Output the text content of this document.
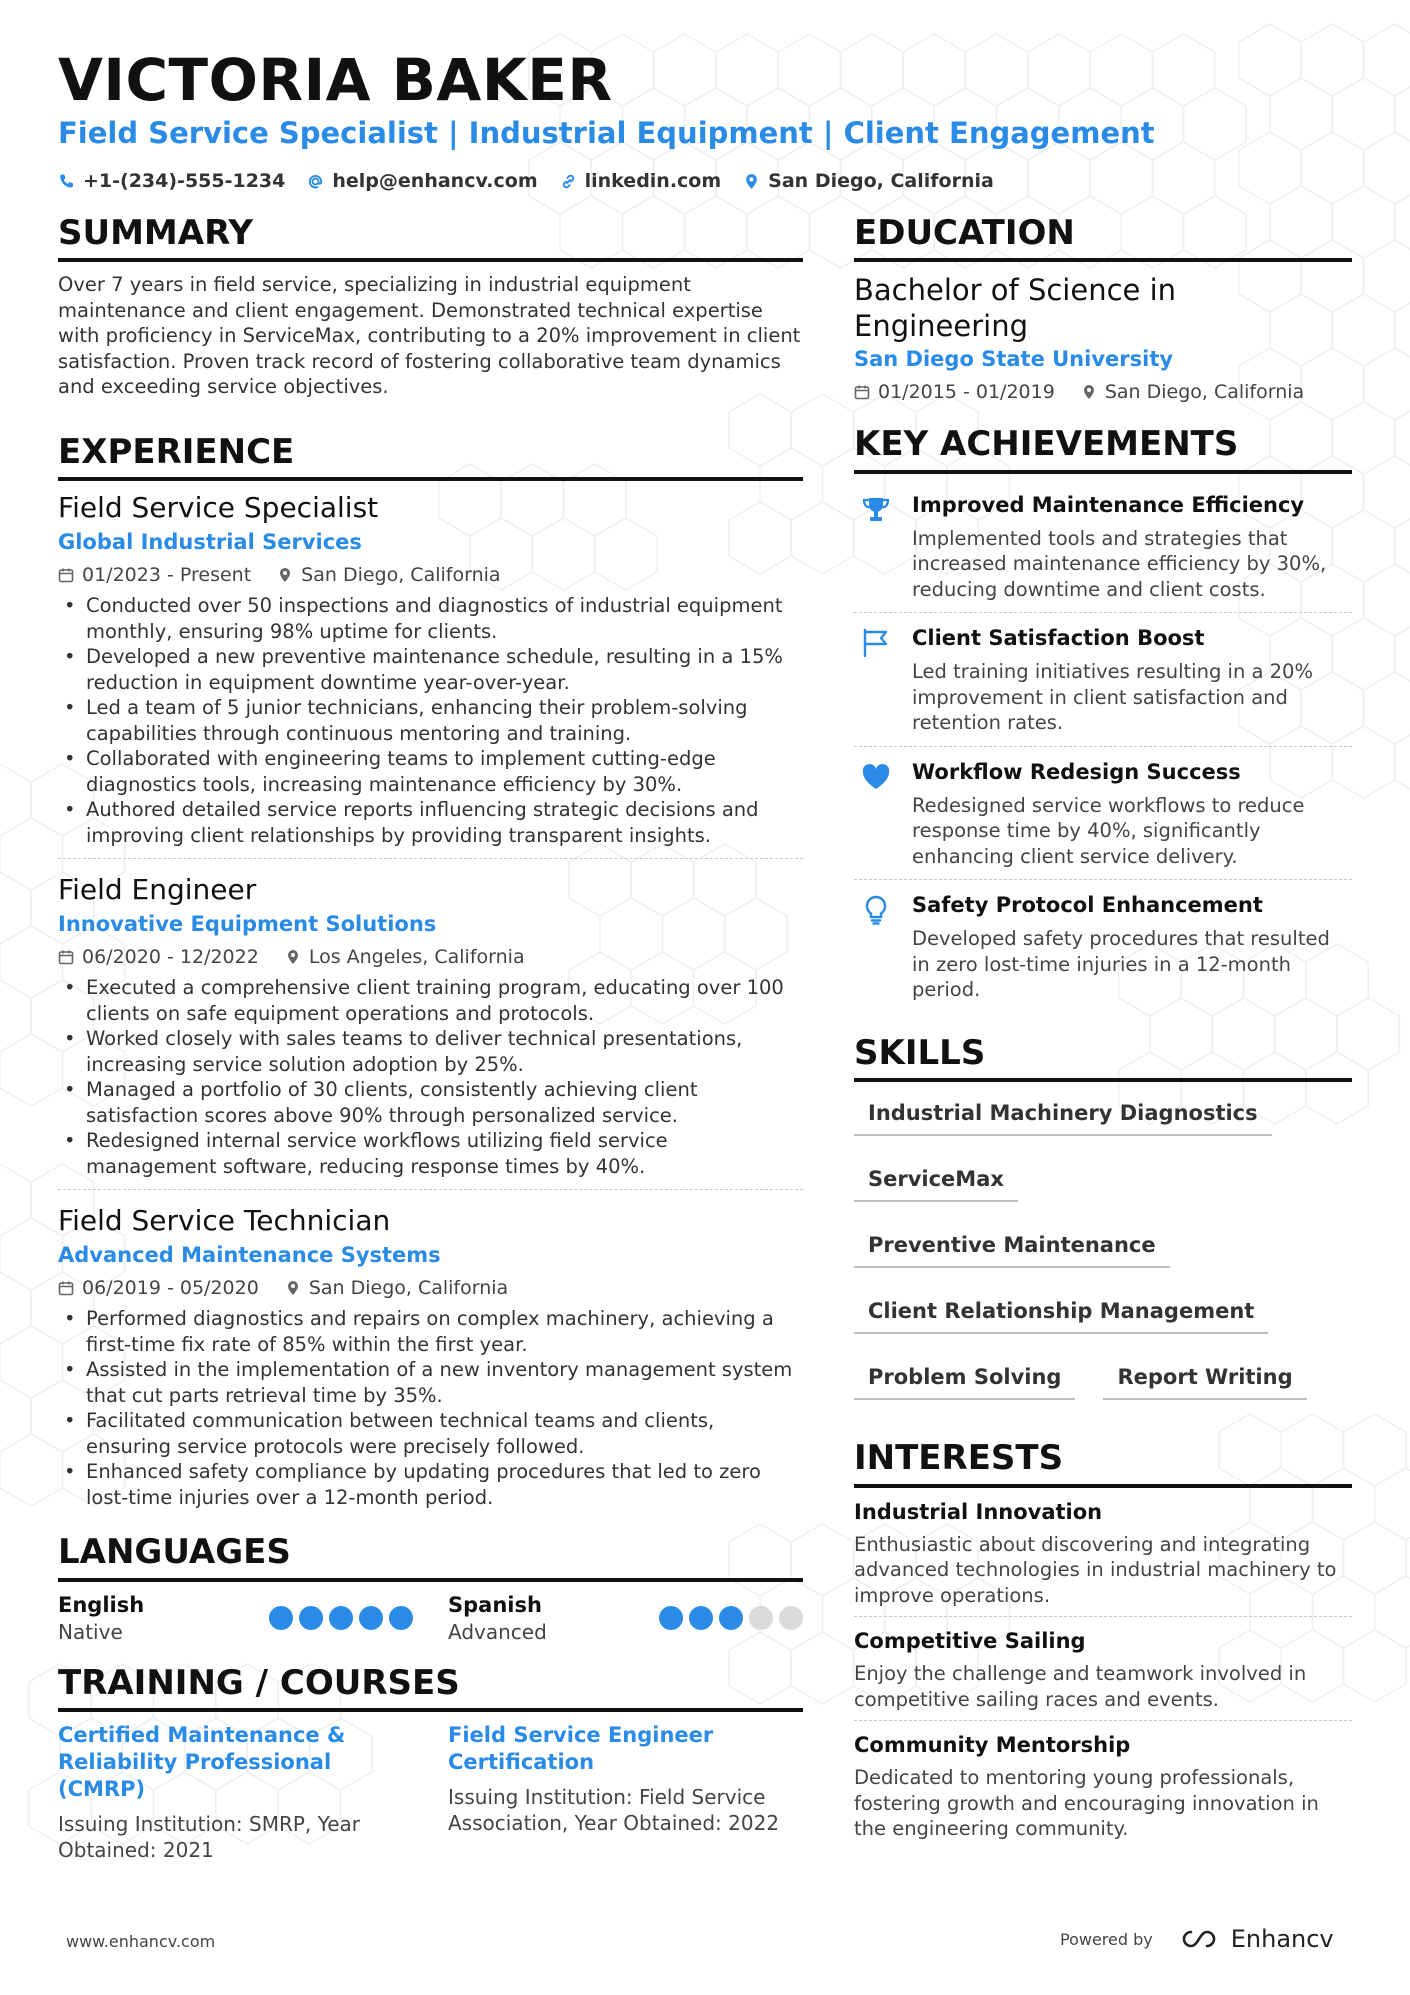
VICTORIA BAKER
Field Service Specialist | Industrial Equipment | Client Engagement
+1-(234)-555-1234 help@enhancv.com linkedin.com San Diego, California
SUMMARY

Over 7 years in field service, specializing in industrial equipment maintenance and client engagement. Demonstrated technical expertise with proficiency in ServiceMax, contributing to a 20% improvement in client satisfaction. Proven track record of fostering collaborative team dynamics and exceeding service objectives.

EXPERIENCE
Field Service Specialist
Global Industrial Services
01/2023 - Present	San Diego, California
• Conducted over 50 inspections and diagnostics of industrial equipment monthly, ensuring 98% uptime for clients.
• Developed a new preventive maintenance schedule, resulting in a 15% reduction in equipment downtime year-over-year.
• Led a team of 5 junior technicians, enhancing their problem-solving capabilities through continuous mentoring and training.
• Collaborated with engineering teams to implement cutting-edge diagnostics tools, increasing maintenance efficiency by 30%.
• Authored detailed service reports influencing strategic decisions and improving client relationships by providing transparent insights.
Field Engineer
Innovative Equipment Solutions
06/2020 - 12/2022	Los Angeles, California
• Executed a comprehensive client training program, educating over 100 clients on safe equipment operations and protocols.
• Worked closely with sales teams to deliver technical presentations, increasing service solution adoption by 25%.
• Managed a portfolio of 30 clients, consistently achieving client satisfaction scores above 90% through personalized service.
• Redesigned internal service workflows utilizing field service management software, reducing response times by 40%.
Field Service Technician
Advanced Maintenance Systems
06/2019 - 05/2020	San Diego, California
• Performed diagnostics and repairs on complex machinery, achieving a first-time fix rate of 85% within the first year.
• Assisted in the implementation of a new inventory management system that cut parts retrieval time by 35%.
• Facilitated communication between technical teams and clients, ensuring service protocols were precisely followed.
• Enhanced safety compliance by updating procedures that led to zero lost-time injuries over a 12-month period.
LANGUAGES
English
Native
Spanish
Advanced
TRAINING / COURSES
Certified Maintenance & Reliability Professional (CMRP)
Issuing Institution: SMRP, Year Obtained: 2021
Field Service Engineer Certification
Issuing Institution: Field Service Association, Year Obtained: 2022
EDUCATION
Bachelor of Science in Engineering
San Diego State University
01/2015 - 01/2019	San Diego, California
KEY ACHIEVEMENTS
Improved Maintenance Efficiency
Implemented tools and strategies that increased maintenance efficiency by 30%, reducing downtime and client costs.
Client Satisfaction Boost
Led training initiatives resulting in a 20% improvement in client satisfaction and retention rates.
Workflow Redesign Success
Redesigned service workflows to reduce response time by 40%, significantly enhancing client service delivery.
Safety Protocol Enhancement
Developed safety procedures that resulted in zero lost-time injuries in a 12-month period.
SKILLS
Industrial Machinery Diagnostics
ServiceMax
Preventive Maintenance
Client Relationship Management
Problem Solving	Report Writing
INTERESTS
Industrial Innovation
Enthusiastic about discovering and integrating advanced technologies in industrial machinery to improve operations.
Competitive Sailing
Enjoy the challenge and teamwork involved in competitive sailing races and events.
Community Mentorship
Dedicated to mentoring young professionals, fostering growth and encouraging innovation in the engineering community.
www.enhancv.com	Powered by	Enhancv
